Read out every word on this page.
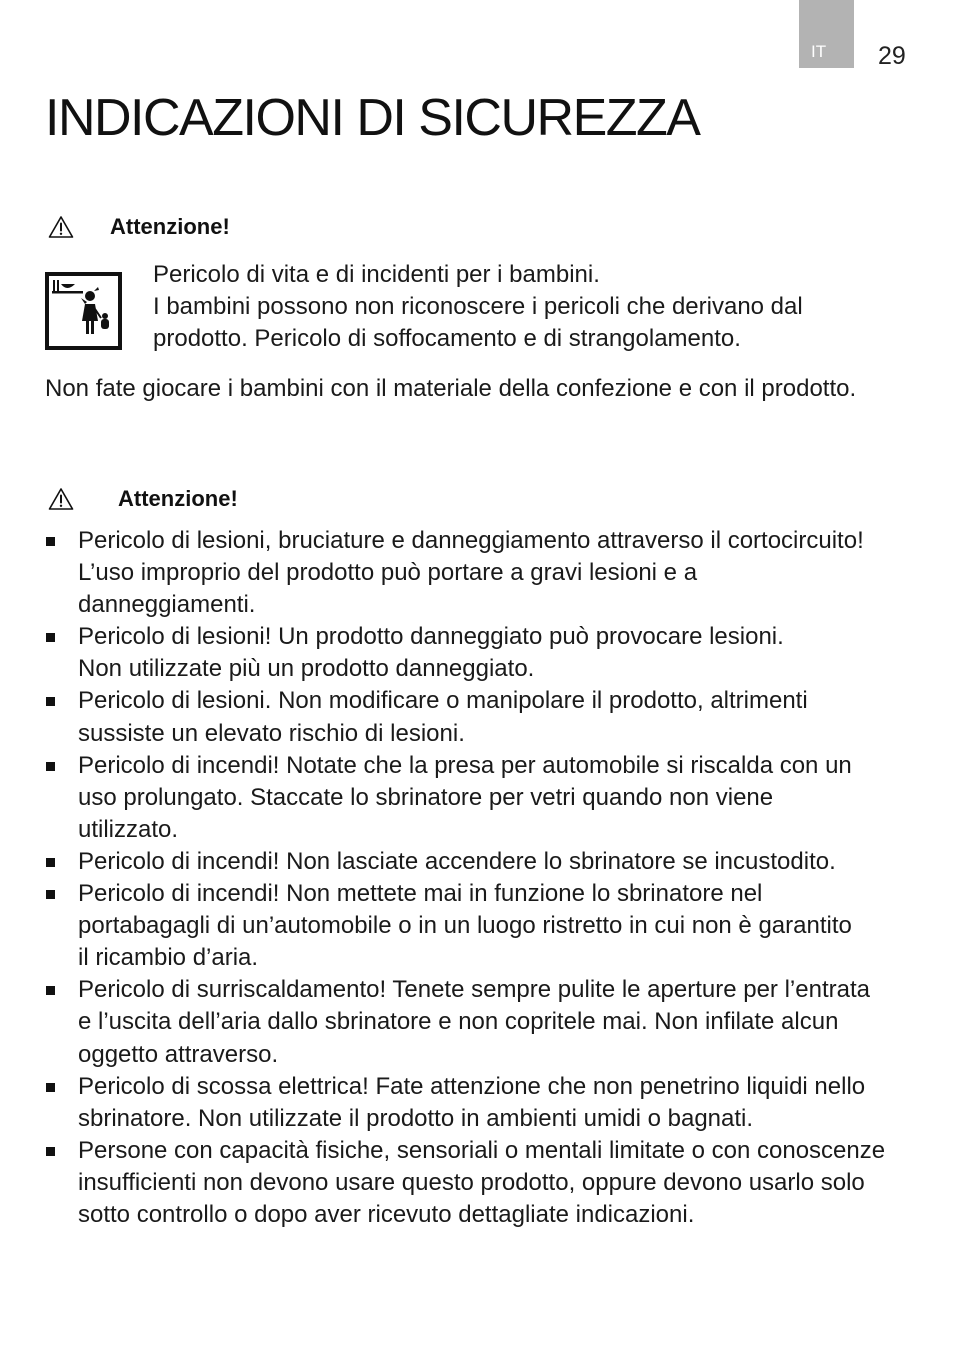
IT 29
INDICAZIONI DI SICUREZZA
Attenzione!

Pericolo di vita e di incidenti per i bambini.
I bambini possono non riconoscere i pericoli che derivano dal
prodotto. Pericolo di soffocamento e di strangolamento.

Non fate giocare i bambini con il materiale della confezione e con il prodotto.

Attenzione!
Pericolo di lesioni, bruciature e danneggiamento attraverso il cortocircuito!
L’uso improprio del prodotto può portare a gravi lesioni e a
danneggiamenti.
Pericolo di lesioni! Un prodotto danneggiato può provocare lesioni.
Non utilizzate più un prodotto danneggiato.
Pericolo di lesioni. Non modificare o manipolare il prodotto, altrimenti
sussiste un elevato rischio di lesioni.
Pericolo di incendi! Notate che la presa per automobile si riscalda con un
uso prolungato. Staccate lo sbrinatore per vetri quando non viene
utilizzato.
Pericolo di incendi! Non lasciate accendere lo sbrinatore se incustodito.
Pericolo di incendi! Non mettete mai in funzione lo sbrinatore nel
portabagagli di un’automobile o in un luogo ristretto in cui non è garantito
il ricambio d’aria.
Pericolo di surriscaldamento! Tenete sempre pulite le aperture per l’entrata
e l’uscita dell’aria dallo sbrinatore e non copritele mai. Non infilate alcun
oggetto attraverso.
Pericolo di scossa elettrica! Fate attenzione che non penetrino liquidi nello
sbrinatore. Non utilizzate il prodotto in ambienti umidi o bagnati.
Persone con capacità fisiche, sensoriali o mentali limitate o con conoscenze
insufficienti non devono usare questo prodotto, oppure devono usarlo solo
sotto controllo o dopo aver ricevuto dettagliate indicazioni.
